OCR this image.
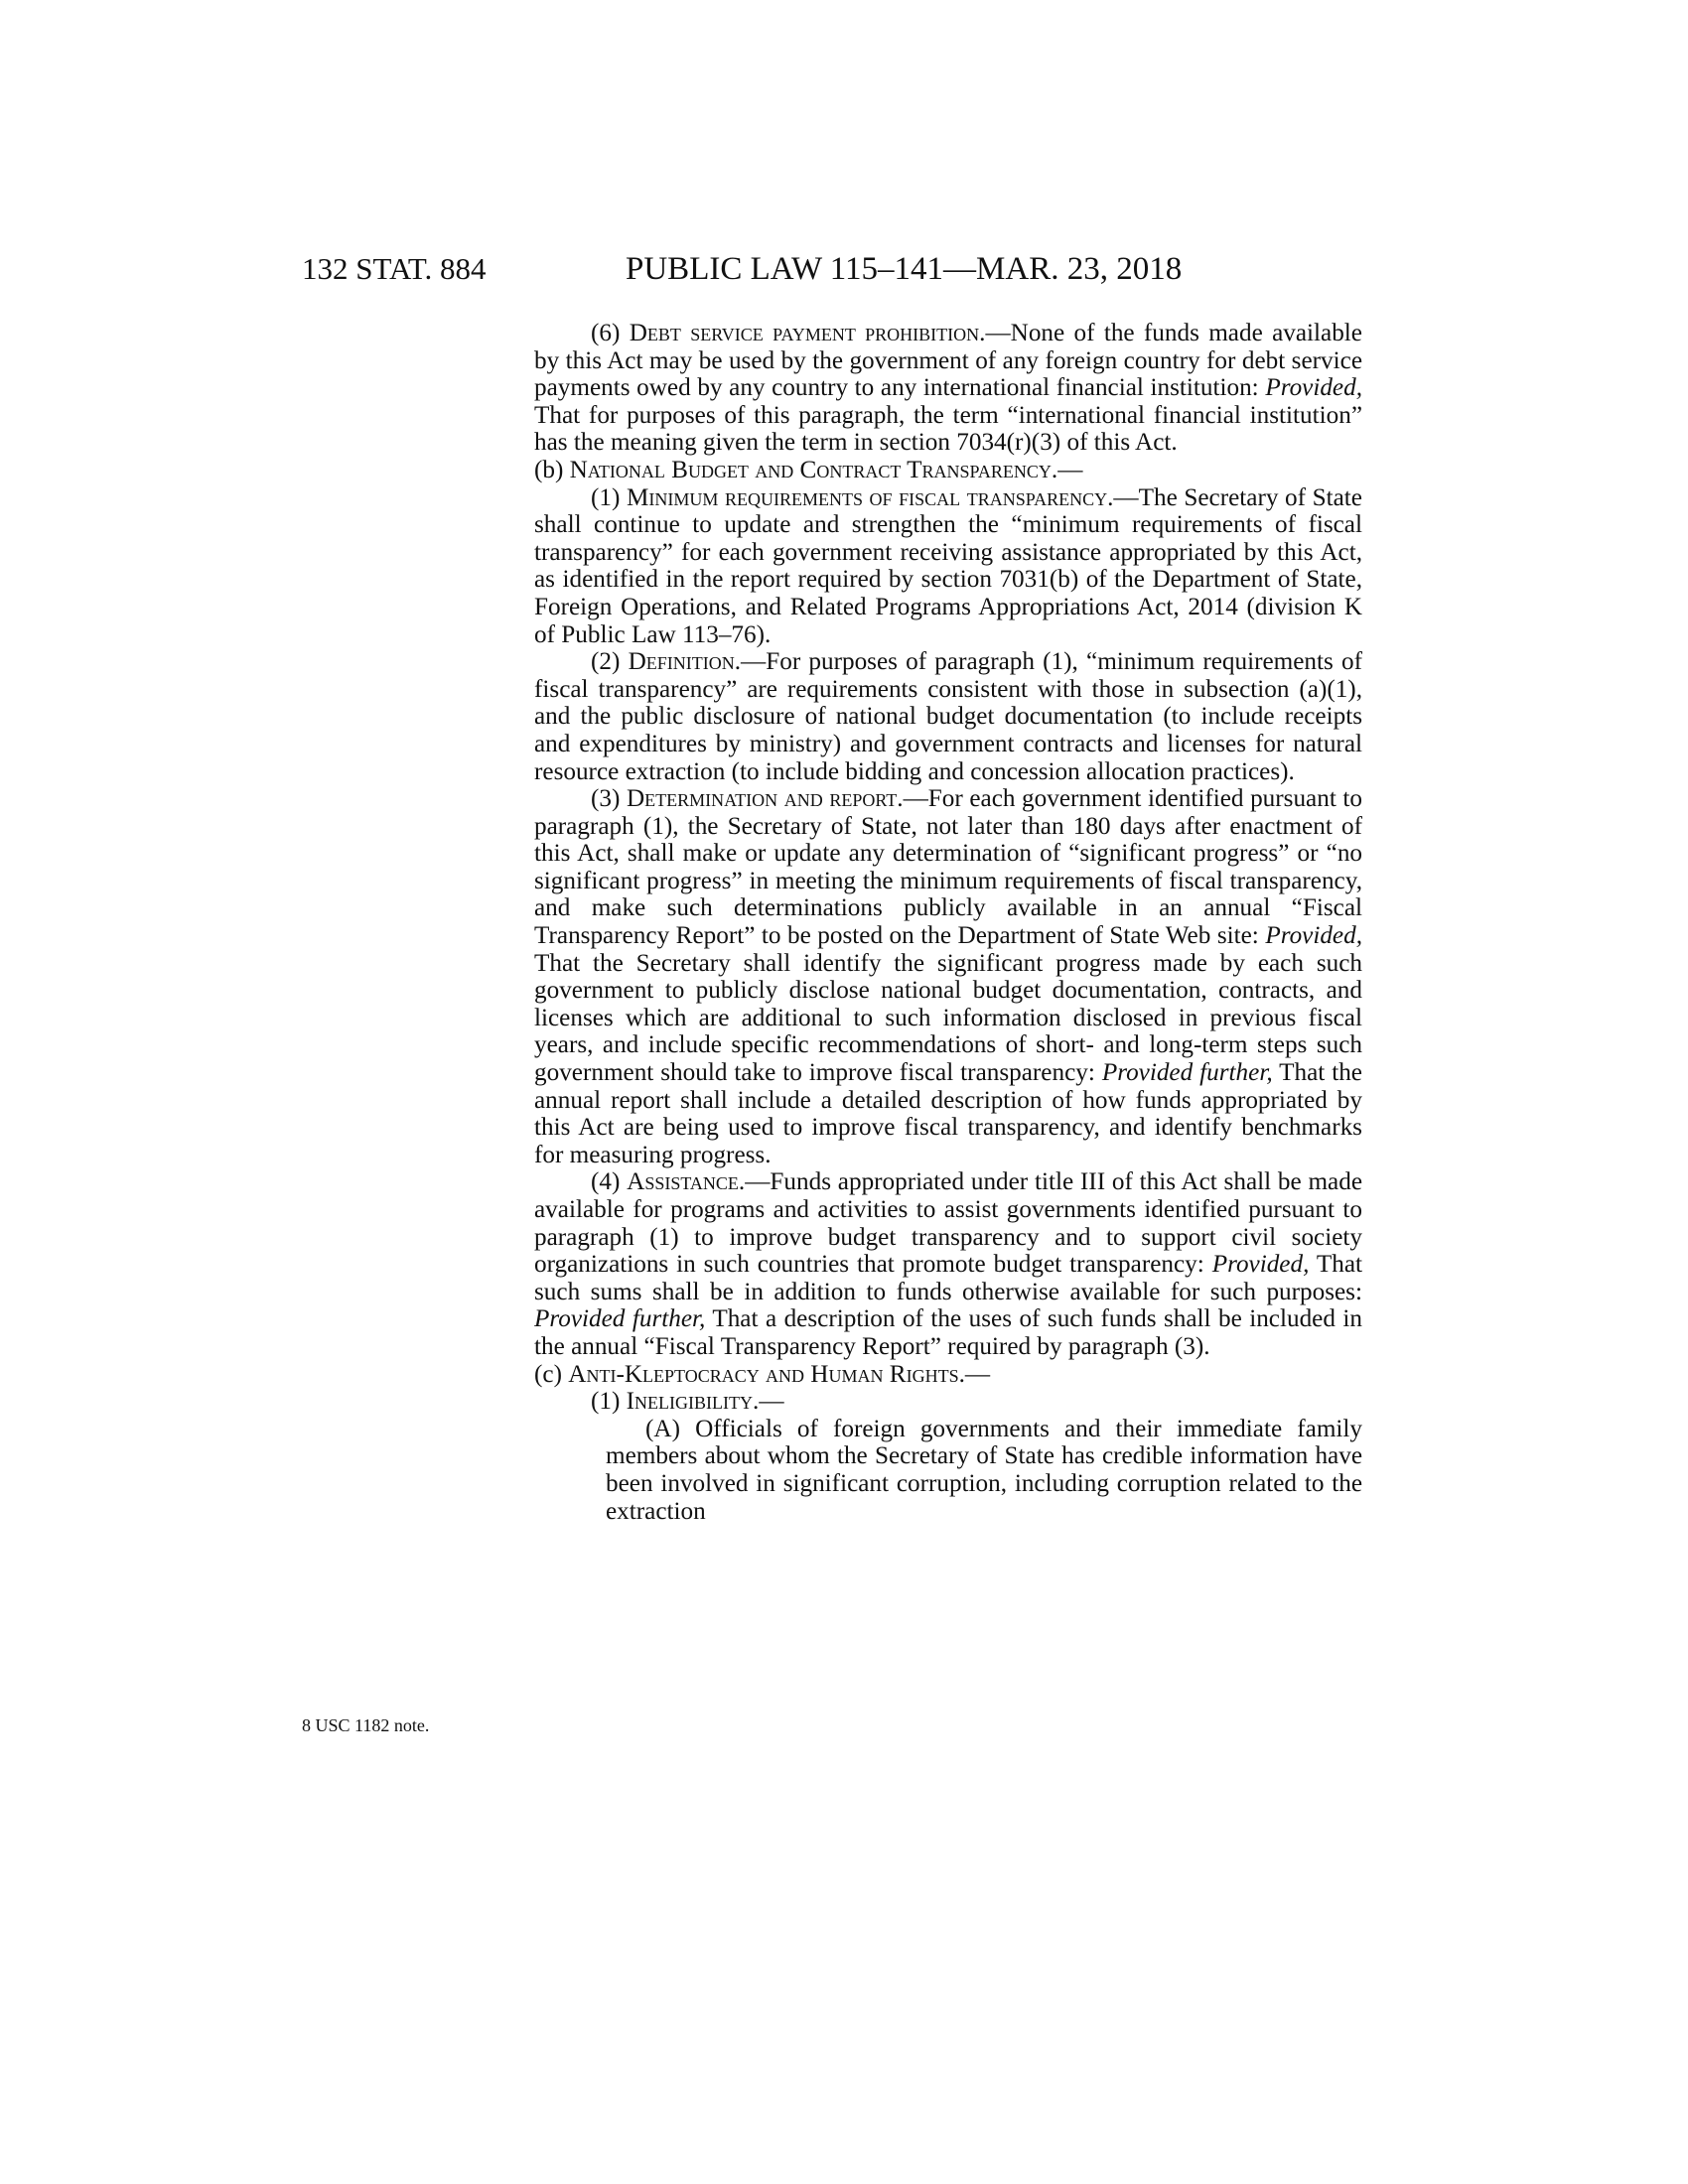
132 STAT. 884	PUBLIC LAW 115–141—MAR. 23, 2018
8 USC 1182 note.

(6) Debt service payment prohibition.—None of the funds made available by this Act may be used by the government of any foreign country for debt service payments owed by any country to any international financial institution: Provided, That for purposes of this paragraph, the term “international financial institution” has the meaning given the term in section 7034(r)(3) of this Act.

(b) National Budget and Contract Transparency.—

(1) Minimum requirements of fiscal transparency.—The Secretary of State shall continue to update and strengthen the “minimum requirements of fiscal transparency” for each government receiving assistance appropriated by this Act, as identified in the report required by section 7031(b) of the Department of State, Foreign Operations, and Related Programs Appropriations Act, 2014 (division K of Public Law 113–76).

(2) Definition.—For purposes of paragraph (1), “minimum requirements of fiscal transparency” are requirements consistent with those in subsection (a)(1), and the public disclosure of national budget documentation (to include receipts and expenditures by ministry) and government contracts and licenses for natural resource extraction (to include bidding and concession allocation practices).

(3) Determination and report.—For each government identified pursuant to paragraph (1), the Secretary of State, not later than 180 days after enactment of this Act, shall make or update any determination of “significant progress” or “no significant progress” in meeting the minimum requirements of fiscal transparency, and make such determinations publicly available in an annual “Fiscal Transparency Report” to be posted on the Department of State Web site: Provided, That the Secretary shall identify the significant progress made by each such government to publicly disclose national budget documentation, contracts, and licenses which are additional to such information disclosed in previous fiscal years, and include specific recommendations of short- and long-term steps such government should take to improve fiscal transparency: Provided further, That the annual report shall include a detailed description of how funds appropriated by this Act are being used to improve fiscal transparency, and identify benchmarks for measuring progress.

(4) Assistance.—Funds appropriated under title III of this Act shall be made available for programs and activities to assist governments identified pursuant to paragraph (1) to improve budget transparency and to support civil society organizations in such countries that promote budget transparency: Provided, That such sums shall be in addition to funds otherwise available for such purposes: Provided further, That a description of the uses of such funds shall be included in the annual “Fiscal Transparency Report” required by paragraph (3).

(c) Anti-Kleptocracy and Human Rights.—

(1) Ineligibility.—

(A) Officials of foreign governments and their immediate family members about whom the Secretary of State has credible information have been involved in significant corruption, including corruption related to the extraction
